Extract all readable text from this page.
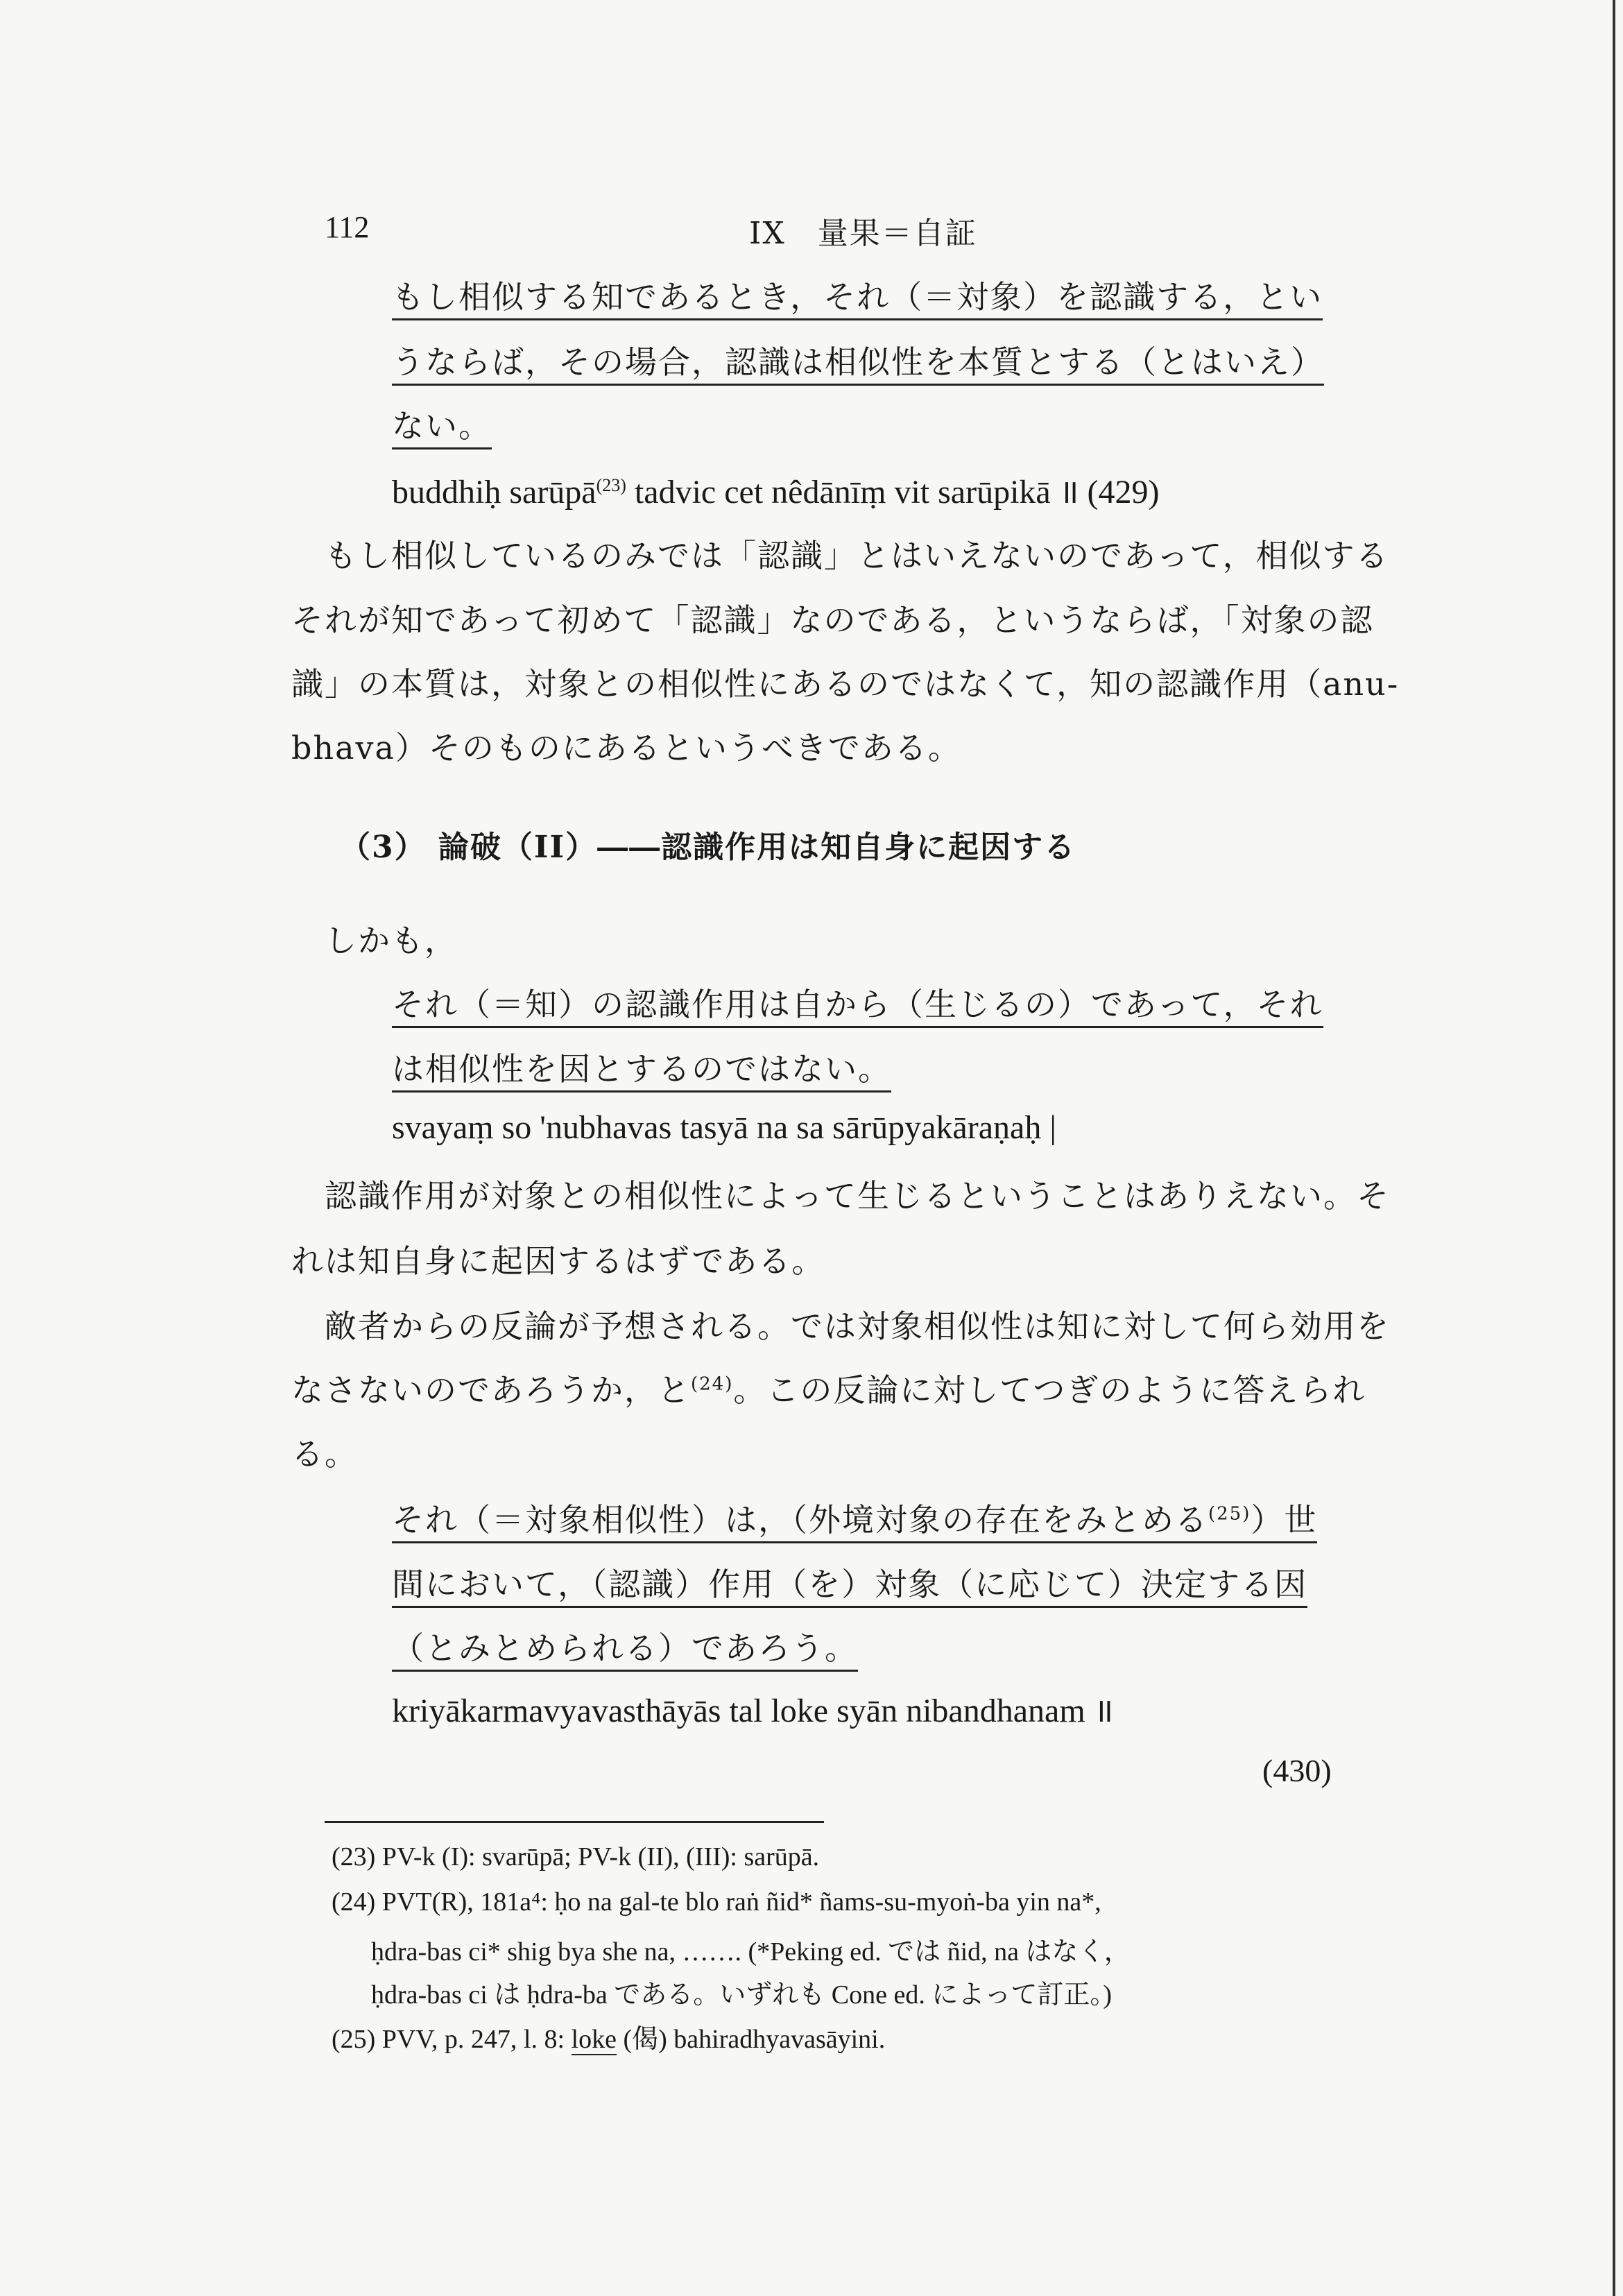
112	IX　量果＝自証
もし相似する知であるとき，それ（＝対象）を認識する，とい
うならば，その場合，認識は相似性を本質とする（とはいえ）
ない。
buddhiḥ sarūpā$^{(23)}$ tadvic cet nêdānīṃ vit sarūpikā ॥ (429)
もし相似しているのみでは「認識」とはいえないのであって，相似する
それが知であって初めて「認識」なのである，というならば，「対象の認
識」の本質は，対象との相似性にあるのではなくて，知の認識作用（anu-
bhava）そのものにあるというべきである。
（3） 論破（II）――認識作用は知自身に起因する
しかも，
それ（＝知）の認識作用は自から（生じるの）であって，それ
は相似性を因とするのではない。
svayaṃ so 'nubhavas tasyā na sa sārūpyakāraṇaḥ |
認識作用が対象との相似性によって生じるということはありえない。そ
れは知自身に起因するはずである。
敵者からの反論が予想される。では対象相似性は知に対して何ら効用を
なさないのであろうか，と$^{(24)}$。この反論に対してつぎのように答えられ
る。
それ（＝対象相似性）は，（外境対象の存在をみとめる$^{(25)}$）世
間において，（認識）作用（を）対象（に応じて）決定する因
（とみとめられる）であろう。
kriyākarmavyavasthāyās tal loke syān nibandhanam ॥
(430)
(23) PV-k (I): svarūpā; PV-k (II), (III): sarūpā.
(24) PVT(R), 181a⁴: ḥo na gal-te blo raṅ ñid* ñams-su-myoṅ-ba yin na*,
ḥdra-bas ci* shig bya she na, ……. (*Peking ed. では ñid, na はなく，
ḥdra-bas ci は ḥdra-ba である。いずれも Cone ed. によって訂正。)
(25) PVV, p. 247, l. 8: loke (偈) bahiradhyavasāyini.
